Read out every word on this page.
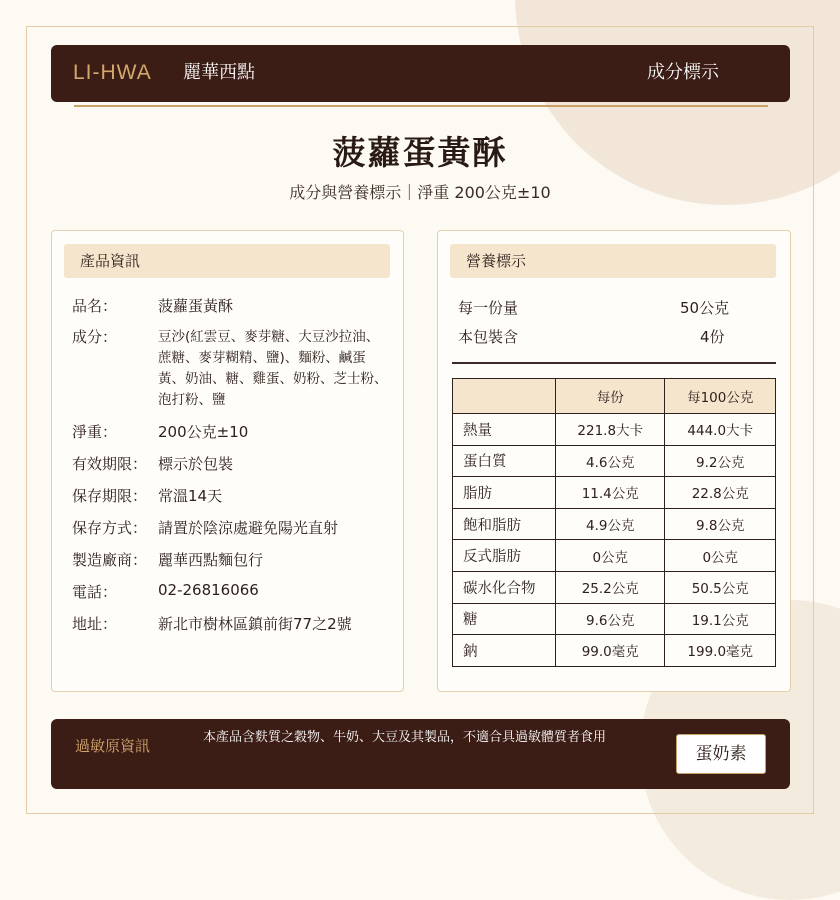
LI-HWA 麗華西點	成分標示
菠蘿蛋黃酥
成分與營養標示｜淨重 200公克±10
產品資訊
品名：	菠蘿蛋黃酥
成分：	豆沙(紅雲豆、麥芽糖、大豆沙拉油、蔗糖、麥芽糊精、鹽)、麵粉、鹹蛋黃、奶油、糖、雞蛋、奶粉、芝士粉、泡打粉、鹽
淨重：	200公克±10
有效期限： 標示於包裝
保存期限： 常溫14天
保存方式： 請置於陰涼處避免陽光直射
製造廠商： 麗華西點麵包行
電話：	02-26816066
地址：	新北市樹林區鎮前街77之2號
營養標示
每一份量	50公克
本包裝含	4份
	每份	每100公克
熱量	221.8大卡	444.0大卡
蛋白質	4.6公克	9.2公克
脂肪	11.4公克	22.8公克
飽和脂肪	4.9公克	9.8公克
反式脂肪	0公克	0公克
碳水化合物	25.2公克	50.5公克
糖	9.6公克	19.1公克
鈉	99.0毫克	199.0毫克
過敏原資訊	本產品含麩質之穀物、牛奶、大豆及其製品，不適合具過敏體質者食用
蛋奶素
